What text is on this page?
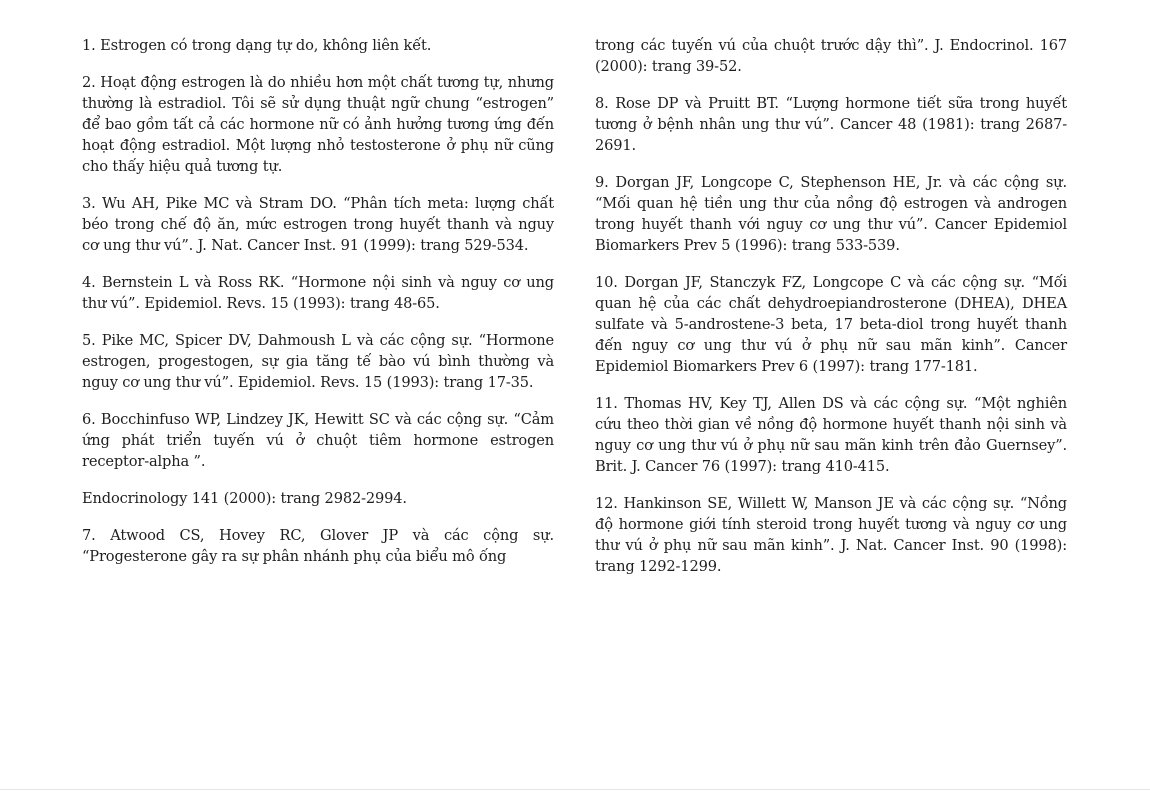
1. Estrogen có trong dạng tự do, không liên kết.

2. Hoạt động estrogen là do nhiều hơn một chất tương tự, nhưng thường là estradiol. Tôi sẽ sử dụng thuật ngữ chung “estrogen” để bao gồm tất cả các hormone nữ có ảnh hưởng tương ứng đến hoạt động estradiol. Một lượng nhỏ testosterone ở phụ nữ cũng cho thấy hiệu quả tương tự.

3. Wu AH, Pike MC và Stram DO. “Phân tích meta: lượng chất béo trong chế độ ăn, mức estrogen trong huyết thanh và nguy cơ ung thư vú”. J. Nat. Cancer Inst. 91 (1999): trang 529-534.

4. Bernstein L và Ross RK. “Hormone nội sinh và nguy cơ ung thư vú”. Epidemiol. Revs. 15 (1993): trang 48-65.

5. Pike MC, Spicer DV, Dahmoush L và các cộng sự. “Hormone estrogen, progestogen, sự gia tăng tế bào vú bình thường và nguy cơ ung thư vú”. Epidemiol. Revs. 15 (1993): trang 17-35.

6. Bocchinfuso WP, Lindzey JK, Hewitt SC và các cộng sự. “Cảm ứng phát triển tuyến vú ở chuột tiêm hormone estrogen receptor-alpha ”.

Endocrinology 141 (2000): trang 2982-2994.

7. Atwood CS, Hovey RC, Glover JP và các cộng sự. “Progesterone gây ra sự phân nhánh phụ của biểu mô ống

trong các tuyến vú của chuột trước dậy thì”. J. Endocrinol. 167 (2000): trang 39-52.

8. Rose DP và Pruitt BT. “Lượng hormone tiết sữa trong huyết tương ở bệnh nhân ung thư vú”. Cancer 48 (1981): trang 2687-2691.

9. Dorgan JF, Longcope C, Stephenson HE, Jr. và các cộng sự. “Mối quan hệ tiền ung thư của nồng độ estrogen và androgen trong huyết thanh với nguy cơ ung thư vú”. Cancer Epidemiol Biomarkers Prev 5 (1996): trang 533-539.

10. Dorgan JF, Stanczyk FZ, Longcope C và các cộng sự. “Mối quan hệ của các chất dehydroepiandrosterone (DHEA), DHEA sulfate và 5-androstene-3 beta, 17 beta-diol trong huyết thanh đến nguy cơ ung thư vú ở phụ nữ sau mãn kinh”. Cancer Epidemiol Biomarkers Prev 6 (1997): trang 177-181.

11. Thomas HV, Key TJ, Allen DS và các cộng sự. “Một nghiên cứu theo thời gian về nồng độ hormone huyết thanh nội sinh và nguy cơ ung thư vú ở phụ nữ sau mãn kinh trên đảo Guernsey”. Brit. J. Cancer 76 (1997): trang 410-415.

12. Hankinson SE, Willett W, Manson JE và các cộng sự. “Nồng độ hormone giới tính steroid trong huyết tương và nguy cơ ung thư vú ở phụ nữ sau mãn kinh”. J. Nat. Cancer Inst. 90 (1998): trang 1292-1299.
